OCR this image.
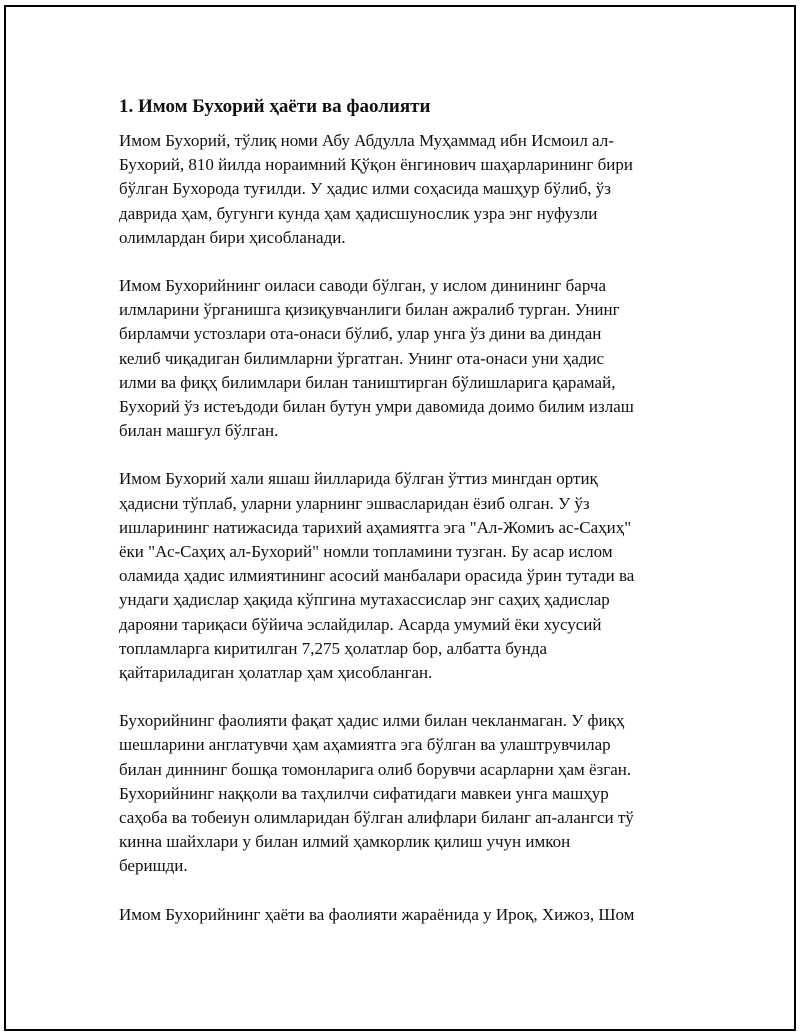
1. Имом Бухорий ҳаёти ва фаолияти
Имом Бухорий, тўлиқ номи Абу Абдулла Муҳаммад ибн Исмоил ал-
Бухорий, 810 йилда нораимний Қўқон ёнгинович шаҳарларининг бири
бўлган Бухорода туғилди. У ҳадис илми соҳасида машҳур бўлиб, ўз
даврида ҳам, бугунги кунда ҳам ҳадисшунослик узра энг нуфузли
олимлардан бири ҳисобланади.
Имом Бухорийнинг оиласи саводи бўлган, у ислом динининг барча
илмларини ўрганишга қизиқувчанлиги билан ажралиб турган. Унинг
бирламчи устозлари ота-онаси бўлиб, улар унга ўз дини ва диндан
келиб чиқадиган билимларни ўргатган. Унинг ота-онаси уни ҳадис
илми ва фиқҳ билимлари билан таништирган бўлишларига қарамай,
Бухорий ўз истеъдоди билан бутун умри давомида доимо билим излаш
билан машғул бўлган.
Имом Бухорий хали яшаш йилларида бўлган ўттиз мингдан ортиқ
ҳадисни тўплаб, уларни уларнинг эшвасларидан ёзиб олган. У ўз
ишларининг натижасида тарихий аҳамиятга эга "Ал-Жомиъ ас-Саҳиҳ"
ёки "Ас-Саҳиҳ ал-Бухорий" номли топламини тузган. Бу асар ислом
оламида ҳадис илмиятининг асосий манбалари орасида ўрин тутади ва
ундаги ҳадислар ҳақида кўпгина мутахассислар энг саҳиҳ ҳадислар
дарояни тариқаси бўйича эслайдилар. Асарда умумий ёки хусусий
топламларга киритилган 7,275 ҳолатлар бор, албатта бунда
қайтариладиган ҳолатлар ҳам ҳисобланган.
Бухорийнинг фаолияти фақат ҳадис илми билан чекланмаган. У фиқҳ
шешларини англатувчи ҳам аҳамиятга эга бўлган ва улаштрувчилар
билан диннинг бошқа томонларига олиб борувчи асарларни ҳам ёзган.
Бухорийнинг наққоли ва таҳлилчи сифатидаги мавкеи унга машҳур
саҳоба ва тобеиун олимларидан бўлган алифлари биланг ап-алангси тў
кинна шайхлари у билан илмий ҳамкорлик қилиш учун имкон
беришди.
Имом Бухорийнинг ҳаёти ва фаолияти жараёнида у Ироқ, Хижоз, Шом
